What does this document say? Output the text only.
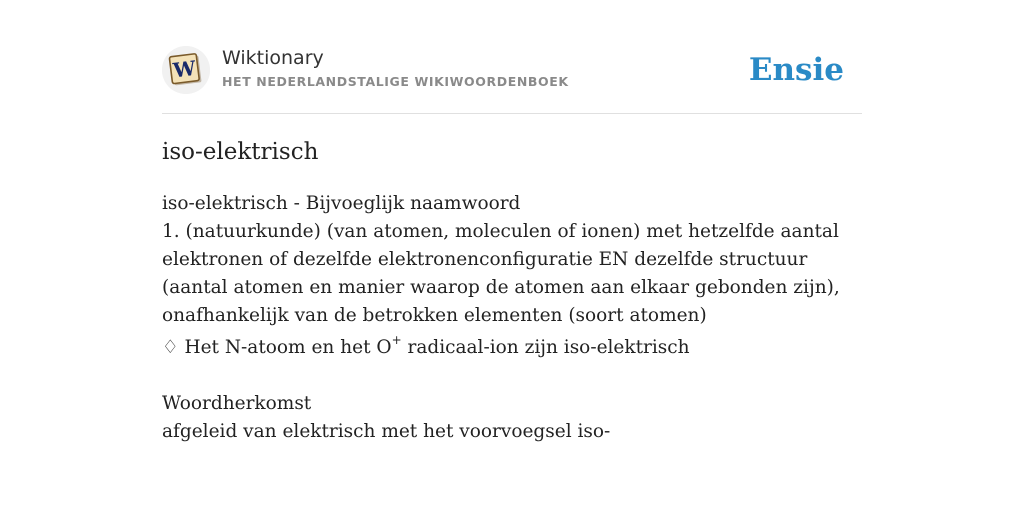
W Wiktionary
HET NEDERLANDSTALIGE WIKIWOORDENBOEK	Ensie
iso-elektrisch

iso-elektrisch - Bijvoeglijk naamwoord

1. (natuurkunde) (van atomen, moleculen of ionen) met hetzelfde aantal elektronen of dezelfde elektronenconfiguratie EN dezelfde structuur (aantal atomen en manier waarop de atomen aan elkaar gebonden zijn), onafhankelijk van de betrokken elementen (soort atomen)

♢ Het N-atoom en het O+ radicaal-ion zijn iso-elektrisch

Woordherkomst

afgeleid van elektrisch met het voorvoegsel iso-
